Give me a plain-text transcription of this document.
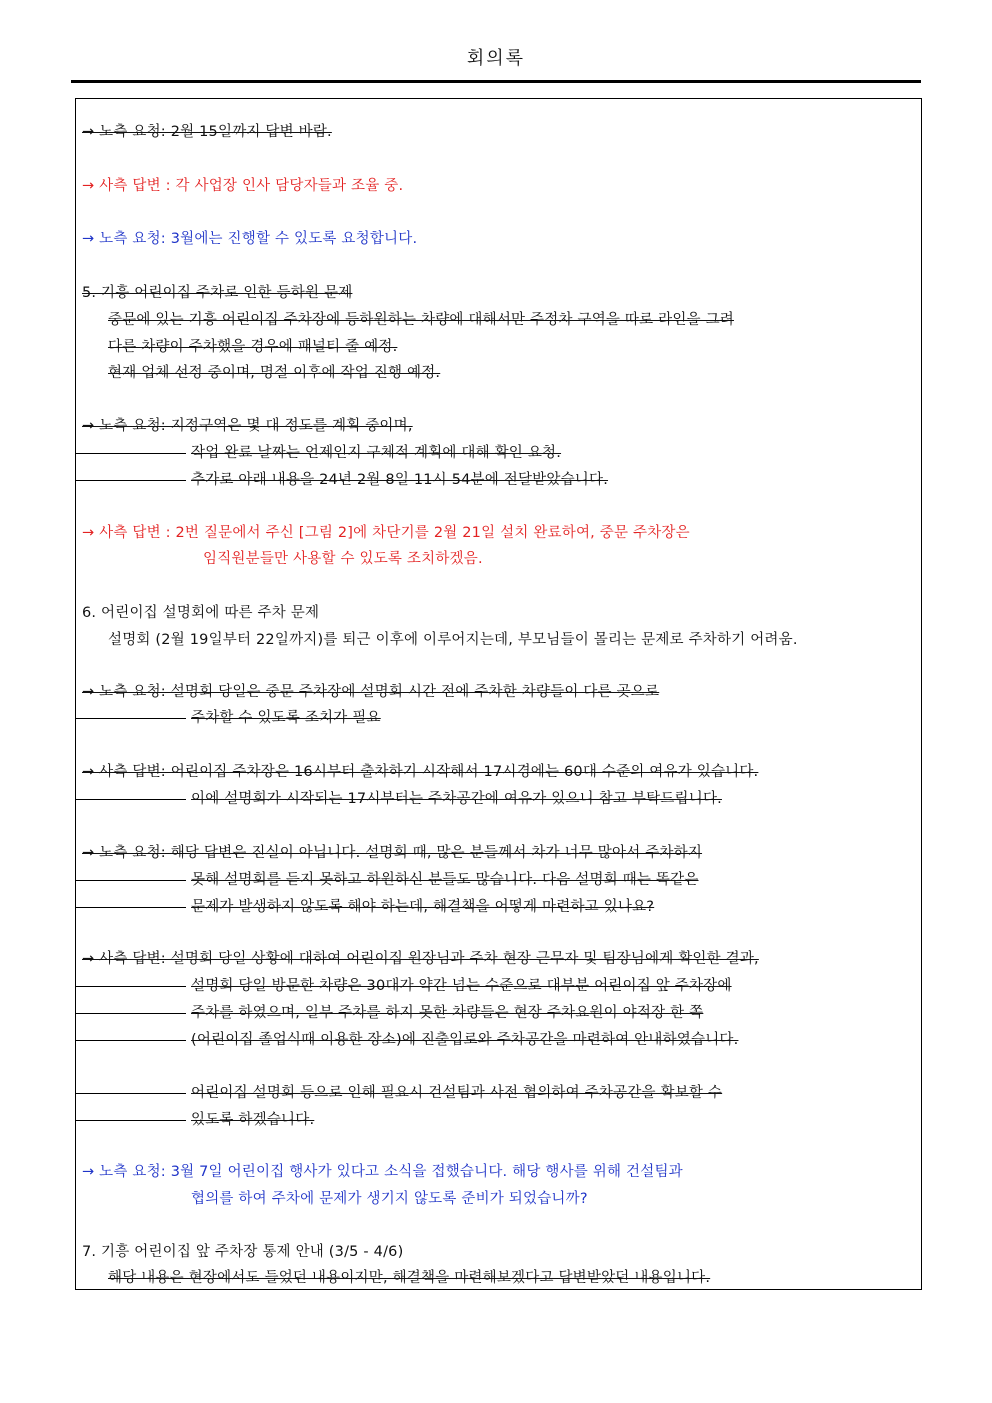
회의록
→ 노측 요청: 2월 15일까지 답변 바람.
→ 사측 답변 : 각 사업장 인사 담당자들과 조율 중.
→ 노측 요청: 3월에는 진행할 수 있도록 요청합니다.
5. 기흥 어린이집 주차로 인한 등하원 문제
중문에 있는 기흥 어린이집 주차장에 등하원하는 차량에 대해서만 주정차 구역을 따로 라인을 그려
다른 차량이 주차했을 경우에 패널티 줄 예정.
현재 업체 선정 중이며, 명절 이후에 작업 진행 예정.
→ 노측 요청: 지정구역은 몇 대 정도를 계획 중이며,
작업 완료 날짜는 언제인지 구체적 계획에 대해 확인 요청.
추가로 아래 내용을 24년 2월 8일 11시 54분에 전달받았습니다.
→ 사측 답변 : 2번 질문에서 주신 [그림 2]에 차단기를 2월 21일 설치 완료하여, 중문 주차장은
임직원분들만 사용할 수 있도록 조치하겠음.
6. 어린이집 설명회에 따른 주차 문제
설명회 (2월 19일부터 22일까지)를 퇴근 이후에 이루어지는데, 부모님들이 몰리는 문제로 주차하기 어려움.
→ 노측 요청: 설명회 당일은 중문 주차장에 설명회 시간 전에 주차한 차량들이 다른 곳으로
주차할 수 있도록 조치가 필요
→ 사측 답변: 어린이집 주차장은 16시부터 출차하기 시작해서 17시경에는 60대 수준의 여유가 있습니다.
이에 설명회가 시작되는 17시부터는 주차공간에 여유가 있으니 참고 부탁드립니다.
→ 노측 요청: 해당 답변은 진실이 아닙니다. 설명회 때, 많은 분들께서 차가 너무 많아서 주차하지
못해 설명회를 듣지 못하고 하원하신 분들도 많습니다. 다음 설명회 때는 똑같은
문제가 발생하지 않도록 해야 하는데, 해결책을 어떻게 마련하고 있나요?
→ 사측 답변: 설명회 당일 상황에 대하여 어린이집 원장님과 주차 현장 근무자 및 팀장님에게 확인한 결과,
설명회 당일 방문한 차량은 30대가 약간 넘는 수준으로 대부분 어린이집 앞 주차장에
주차를 하였으며, 일부 주차를 하지 못한 차량들은 현장 주차요원이 야적장 한 쪽
(어린이집 졸업식때 이용한 장소)에 진출입로와 주차공간을 마련하여 안내하였습니다.
어린이집 설명회 등으로 인해 필요시 건설팀과 사전 협의하여 주차공간을 확보할 수
있도록 하겠습니다.
→ 노측 요청: 3월 7일 어린이집 행사가 있다고 소식을 접했습니다. 해당 행사를 위해 건설팀과
협의를 하여 주차에 문제가 생기지 않도록 준비가 되었습니까?
7. 기흥 어린이집 앞 주차장 통제 안내 (3/5 - 4/6)
해당 내용은 현장에서도 들었던 내용이지만, 해결책을 마련해보겠다고 답변받았던 내용입니다.
